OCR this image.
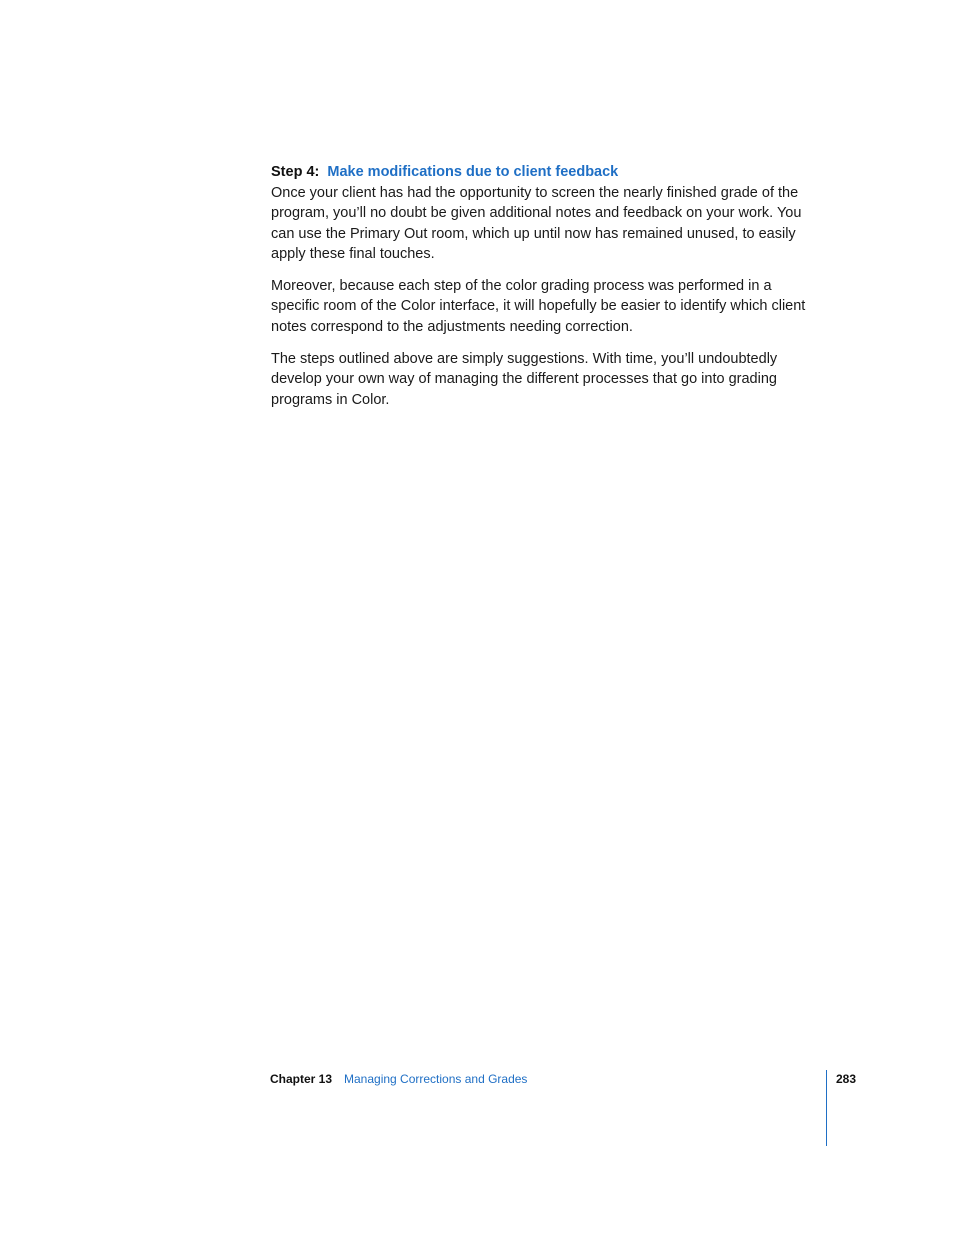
Step 4: Make modifications due to client feedback

Once your client has had the opportunity to screen the nearly finished grade of the program, you’ll no doubt be given additional notes and feedback on your work. You can use the Primary Out room, which up until now has remained unused, to easily apply these final touches.

Moreover, because each step of the color grading process was performed in a specific room of the Color interface, it will hopefully be easier to identify which client notes correspond to the adjustments needing correction.

The steps outlined above are simply suggestions. With time, you’ll undoubtedly develop your own way of managing the different processes that go into grading programs in Color.

Chapter 13 Managing Corrections and Grades	283
